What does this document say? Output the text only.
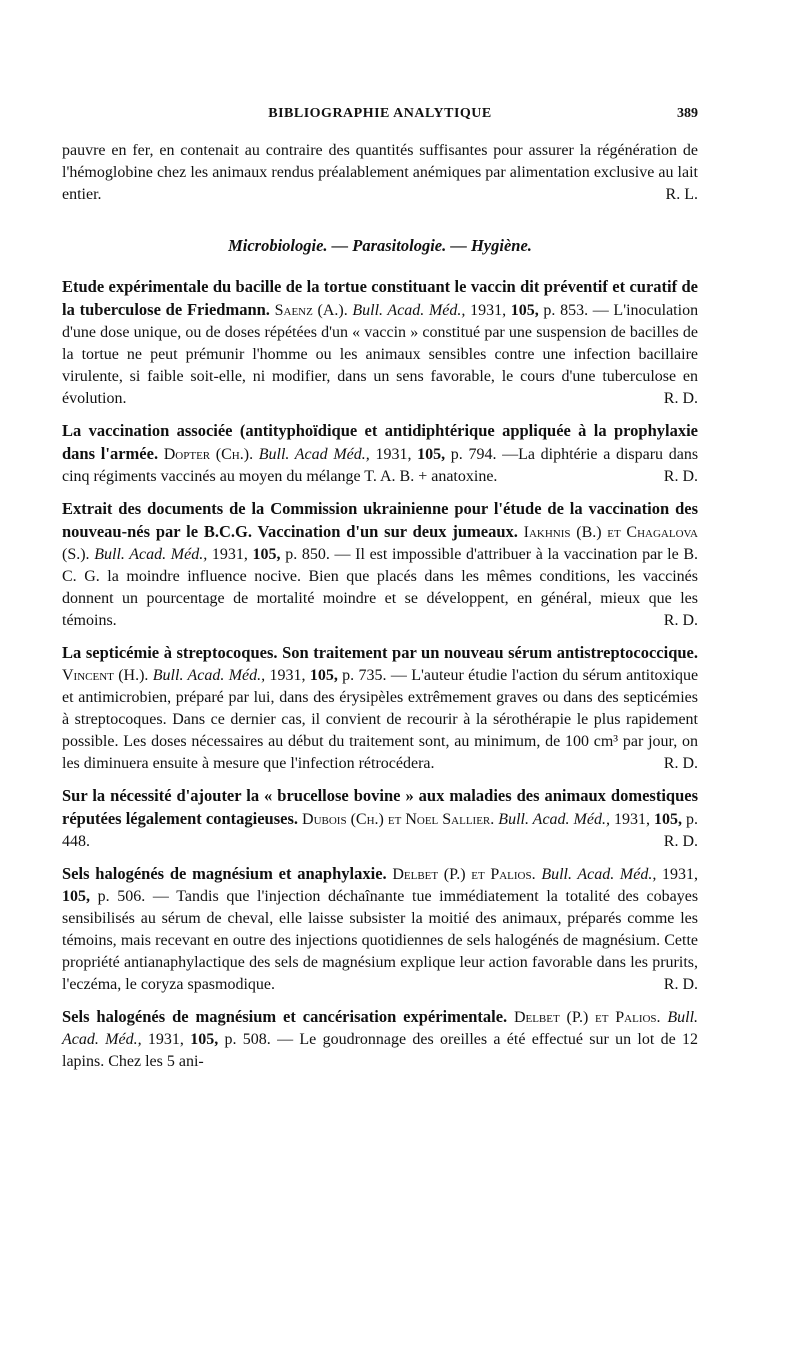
BIBLIOGRAPHIE ANALYTIQUE	389

pauvre en fer, en contenait au contraire des quantités suffisantes pour assurer la régénération de l'hémoglobine chez les animaux rendus préalablement anémiques par alimentation exclusive au lait entier.	R. L.

Microbiologie. — Parasitologie. — Hygiène.

Etude expérimentale du bacille de la tortue constituant le vaccin dit préventif et curatif de la tuberculose de Friedmann. Saenz (A.). Bull. Acad. Méd., 1931, 105, p. 853. — L'inoculation d'une dose unique, ou de doses répétées d'un « vaccin » constitué par une suspension de bacilles de la tortue ne peut prémunir l'homme ou les animaux sensibles contre une infection bacillaire virulente, si faible soit-elle, ni modifier, dans un sens favorable, le cours d'une tuberculose en évolution.	R. D.

La vaccination associée (antityphoïdique et antidiphtérique appliquée à la prophylaxie dans l'armée. Dopter (Ch.). Bull. Acad Méd., 1931, 105, p. 794. —La diphtérie a disparu dans cinq régiments vaccinés au moyen du mélange T. A. B. + anatoxine.	R. D.

Extrait des documents de la Commission ukrainienne pour l'étude de la vaccination des nouveau-nés par le B.C.G. Vaccination d'un sur deux jumeaux. Iakhnis (B.) et Chagalova (S.). Bull. Acad. Méd., 1931, 105, p. 850. — Il est impossible d'attribuer à la vaccination par le B. C. G. la moindre influence nocive. Bien que placés dans les mêmes conditions, les vaccinés donnent un pourcentage de mortalité moindre et se développent, en général, mieux que les témoins.	R. D.

La septicémie à streptocoques. Son traitement par un nouveau sérum antistreptococcique. Vincent (H.). Bull. Acad. Méd., 1931, 105, p. 735. — L'auteur étudie l'action du sérum antitoxique et antimicrobien, préparé par lui, dans des érysipèles extrêmement graves ou dans des septicémies à streptocoques. Dans ce dernier cas, il convient de recourir à la sérothérapie le plus rapidement possible. Les doses nécessaires au début du traitement sont, au minimum, de 100 cm³ par jour, on les diminuera ensuite à mesure que l'infection rétrocédera.	R. D.

Sur la nécessité d'ajouter la « brucellose bovine » aux maladies des animaux domestiques réputées légalement contagieuses. Dubois (Ch.) et Noel Sallier. Bull. Acad. Méd., 1931, 105, p. 448.	R. D.

Sels halogénés de magnésium et anaphylaxie. Delbet (P.) et Palios. Bull. Acad. Méd., 1931, 105, p. 506. — Tandis que l'injection déchaînante tue immédiatement la totalité des cobayes sensibilisés au sérum de cheval, elle laisse subsister la moitié des animaux, préparés comme les témoins, mais recevant en outre des injections quotidiennes de sels halogénés de magnésium. Cette propriété antianaphylactique des sels de magnésium explique leur action favorable dans les prurits, l'eczéma, le coryza spasmodique.	R. D.

Sels halogénés de magnésium et cancérisation expérimentale. Delbet (P.) et Palios. Bull. Acad. Méd., 1931, 105, p. 508. — Le goudronnage des oreilles a été effectué sur un lot de 12 lapins. Chez les 5 ani-
